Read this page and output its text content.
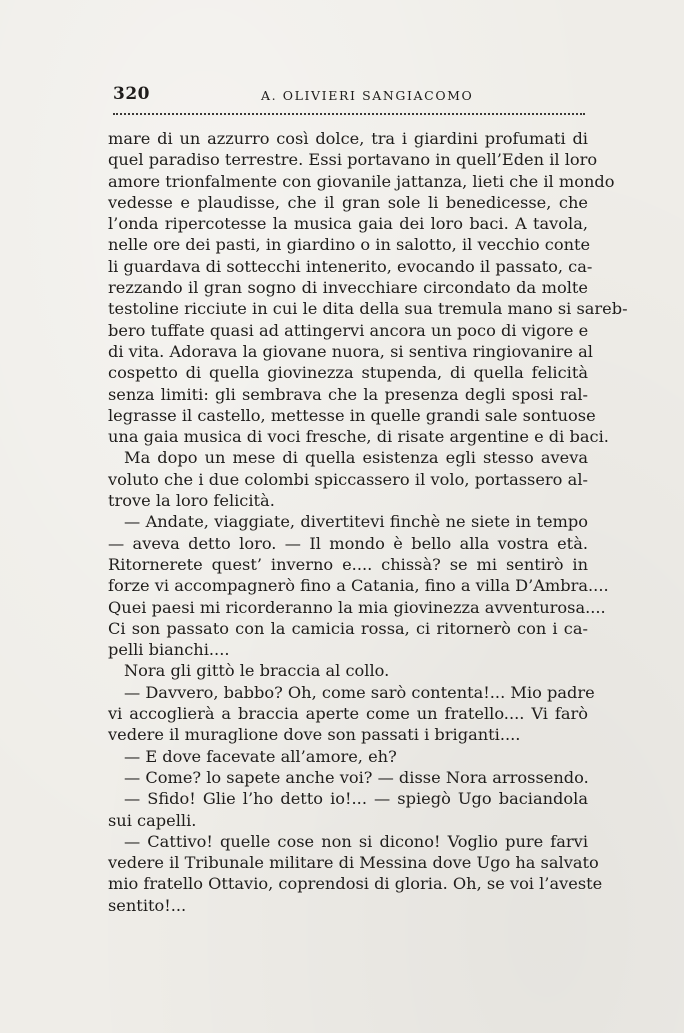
320	A. OLIVIERI SANGIACOMO
mare di un azzurro così dolce, tra i giardini profumati di
quel paradiso terrestre. Essi portavano in quell’Eden il loro
amore trionfalmente con giovanile jattanza, lieti che il mondo
vedesse e plaudisse, che il gran sole li benedicesse, che
l’onda ripercotesse la musica gaia dei loro baci. A tavola,
nelle ore dei pasti, in giardino o in salotto, il vecchio conte
li guardava di sottecchi intenerito, evocando il passato, ca-
rezzando il gran sogno di invecchiare circondato da molte
testoline ricciute in cui le dita della sua tremula mano si sareb-
bero tuffate quasi ad attingervi ancora un poco di vigore e
di vita. Adorava la giovane nuora, si sentiva ringiovanire al
cospetto di quella giovinezza stupenda, di quella felicità
senza limiti: gli sembrava che la presenza degli sposi ral-
legrasse il castello, mettesse in quelle grandi sale sontuose
una gaia musica di voci fresche, di risate argentine e di baci.
Ma dopo un mese di quella esistenza egli stesso aveva
voluto che i due colombi spiccassero il volo, portassero al-
trove la loro felicità.
— Andate, viaggiate, divertitevi finchè ne siete in tempo
— aveva detto loro. — Il mondo è bello alla vostra età.
Ritornerete quest’ inverno e.... chissà? se mi sentirò in
forze vi accompagnerò fino a Catania, fino a villa D’Ambra....
Quei paesi mi ricorderanno la mia giovinezza avventurosa....
Ci son passato con la camicia rossa, ci ritornerò con i ca-
pelli bianchi....
Nora gli gittò le braccia al collo.
— Davvero, babbo? Oh, come sarò contenta!... Mio padre
vi accoglierà a braccia aperte come un fratello.... Vi farò
vedere il muraglione dove son passati i briganti....
— E dove facevate all’amore, eh?
— Come? lo sapete anche voi? — disse Nora arrossendo.
— Sfido! Glie l’ho detto io!... — spiegò Ugo baciandola
sui capelli.
— Cattivo! quelle cose non si dicono! Voglio pure farvi
vedere il Tribunale militare di Messina dove Ugo ha salvato
mio fratello Ottavio, coprendosi di gloria. Oh, se voi l’aveste
sentito!...
